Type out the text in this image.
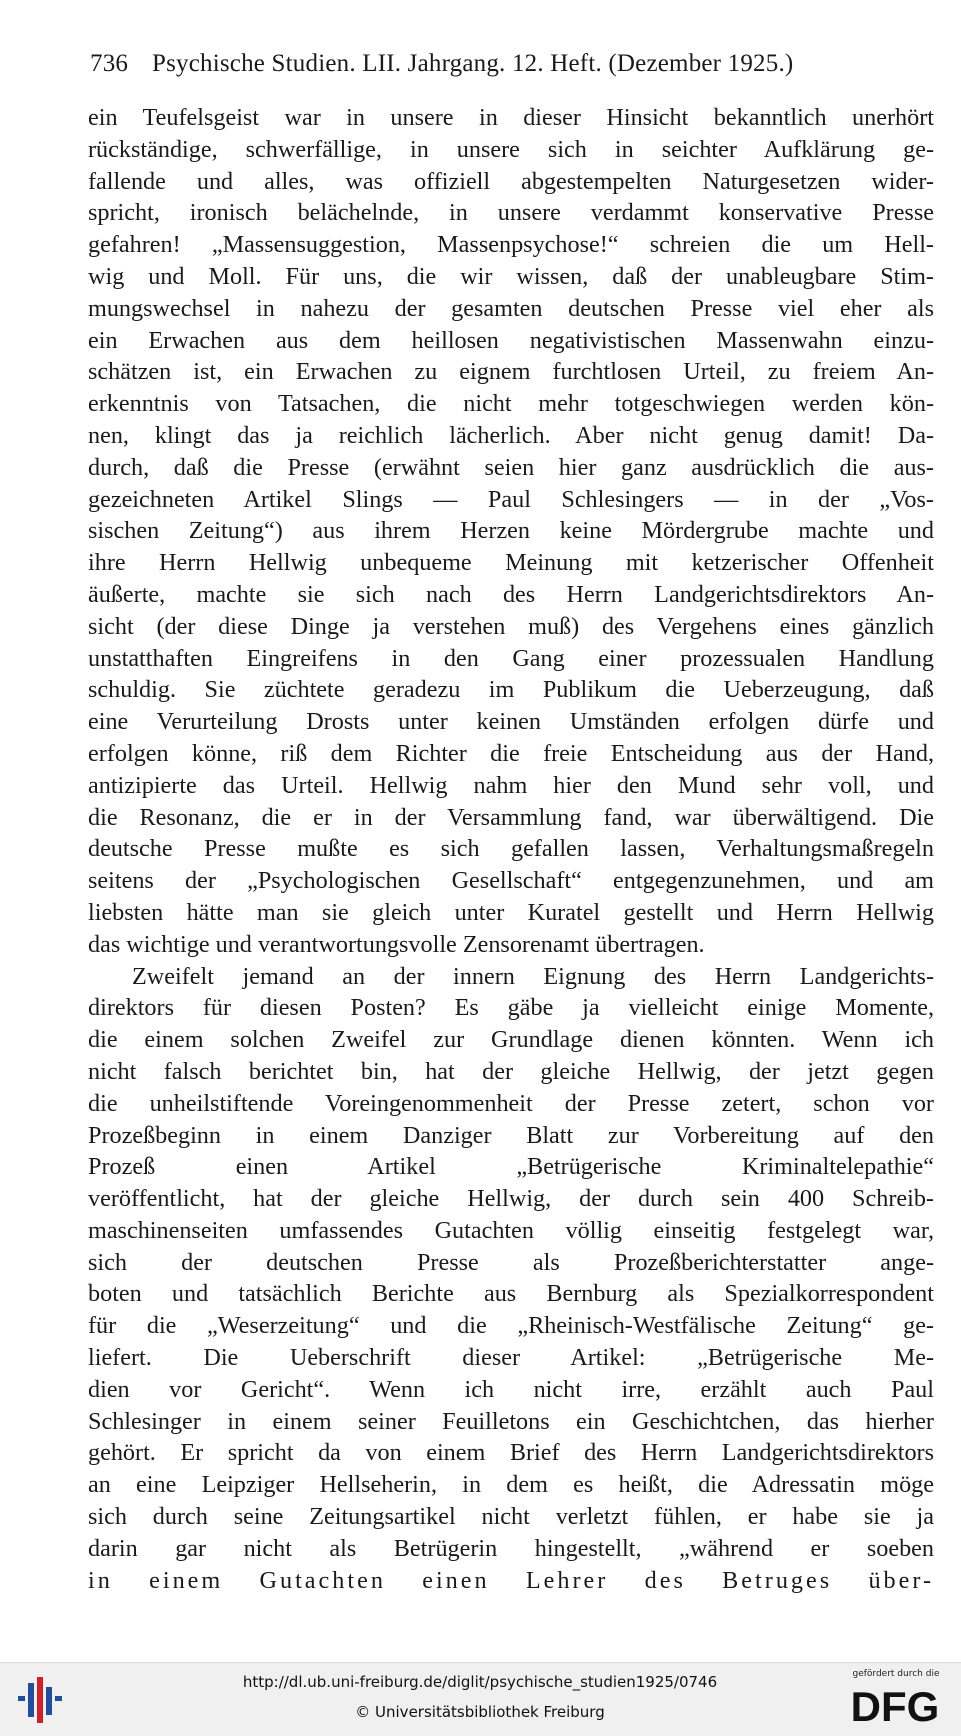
736 Psychische Studien. LII. Jahrgang. 12. Heft. (Dezember 1925.)
ein Teufelsgeist war in unsere in dieser Hinsicht bekanntlich unerhört
rückständige, schwerfällige, in unsere sich in seichter Aufklärung ge-
fallende und alles, was offiziell abgestempelten Naturgesetzen wider-
spricht, ironisch belächelnde, in unsere verdammt konservative Presse
gefahren! „Massensuggestion, Massenpsychose!“ schreien die um Hell-
wig und Moll. Für uns, die wir wissen, daß der unableugbare Stim-
mungswechsel in nahezu der gesamten deutschen Presse viel eher als
ein Erwachen aus dem heillosen negativistischen Massenwahn einzu-
schätzen ist, ein Erwachen zu eignem furchtlosen Urteil, zu freiem An-
erkenntnis von Tatsachen, die nicht mehr totgeschwiegen werden kön-
nen, klingt das ja reichlich lächerlich. Aber nicht genug damit! Da-
durch, daß die Presse (erwähnt seien hier ganz ausdrücklich die aus-
gezeichneten Artikel Slings — Paul Schlesingers — in der „Vos-
sischen Zeitung“) aus ihrem Herzen keine Mördergrube machte und
ihre Herrn Hellwig unbequeme Meinung mit ketzerischer Offenheit
äußerte, machte sie sich nach des Herrn Landgerichtsdirektors An-
sicht (der diese Dinge ja verstehen muß) des Vergehens eines gänzlich
unstatthaften Eingreifens in den Gang einer prozessualen Handlung
schuldig. Sie züchtete geradezu im Publikum die Ueberzeugung, daß
eine Verurteilung Drosts unter keinen Umständen erfolgen dürfe und
erfolgen könne, riß dem Richter die freie Entscheidung aus der Hand,
antizipierte das Urteil. Hellwig nahm hier den Mund sehr voll, und
die Resonanz, die er in der Versammlung fand, war überwältigend. Die
deutsche Presse mußte es sich gefallen lassen, Verhaltungsmaßregeln
seitens der „Psychologischen Gesellschaft“ entgegenzunehmen, und am
liebsten hätte man sie gleich unter Kuratel gestellt und Herrn Hellwig
das wichtige und verantwortungsvolle Zensorenamt übertragen.
Zweifelt jemand an der innern Eignung des Herrn Landgerichts-
direktors für diesen Posten? Es gäbe ja vielleicht einige Momente,
die einem solchen Zweifel zur Grundlage dienen könnten. Wenn ich
nicht falsch berichtet bin, hat der gleiche Hellwig, der jetzt gegen
die unheilstiftende Voreingenommenheit der Presse zetert, schon vor
Prozeßbeginn in einem Danziger Blatt zur Vorbereitung auf den
Prozeß einen Artikel „Betrügerische Kriminaltelepathie“
veröffentlicht, hat der gleiche Hellwig, der durch sein 400 Schreib-
maschinenseiten umfassendes Gutachten völlig einseitig festgelegt war,
sich der deutschen Presse als Prozeßberichterstatter ange-
boten und tatsächlich Berichte aus Bernburg als Spezialkorrespondent
für die „Weserzeitung“ und die „Rheinisch-Westfälische Zeitung“ ge-
liefert. Die Ueberschrift dieser Artikel: „Betrügerische Me-
dien vor Gericht“. Wenn ich nicht irre, erzählt auch Paul
Schlesinger in einem seiner Feuilletons ein Geschichtchen, das hierher
gehört. Er spricht da von einem Brief des Herrn Landgerichtsdirektors
an eine Leipziger Hellseherin, in dem es heißt, die Adressatin möge
sich durch seine Zeitungsartikel nicht verletzt fühlen, er habe sie ja
darin gar nicht als Betrügerin hingestellt, „während er soeben
in einem Gutachten einen Lehrer des Betruges über-
http://dl.ub.uni-freiburg.de/diglit/psychische_studien1925/0746
© Universitätsbibliothek Freiburg
gefördert durch die
DFG
